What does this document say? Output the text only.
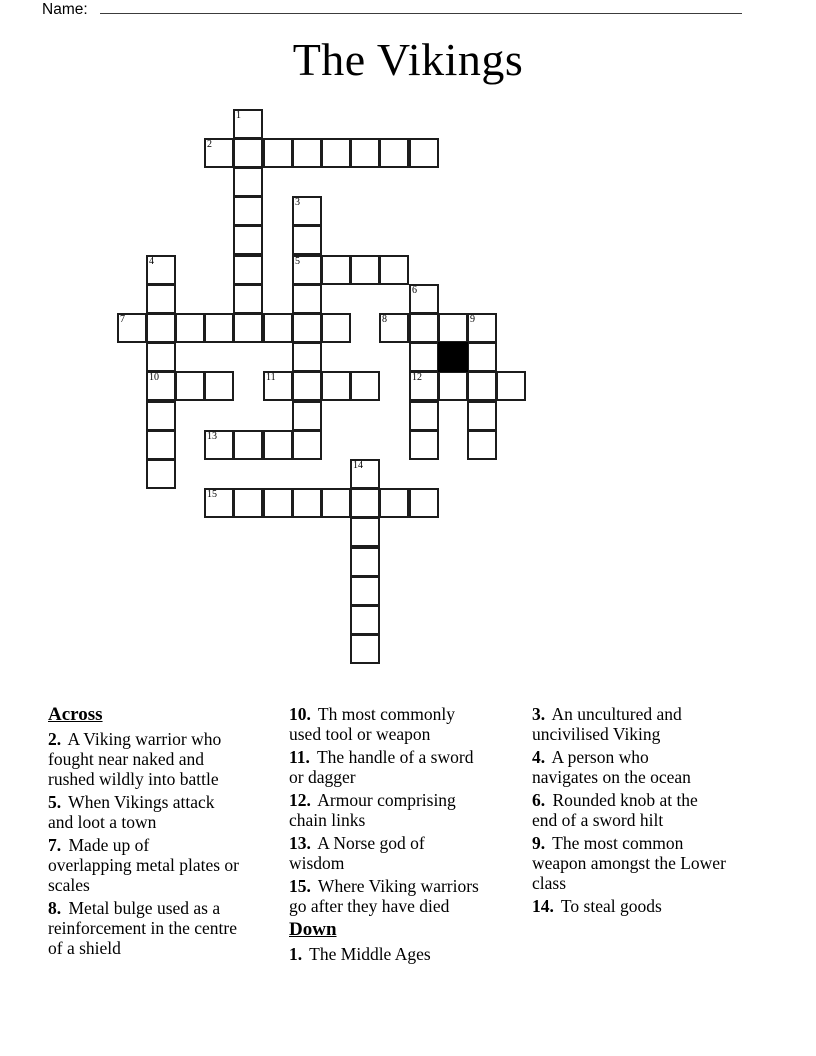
Name:
The Vikings
1
2
3
4	5
6
7	8	9
10	11	12
13
14
15

Across

2. A Viking warrior who
fought near naked and
rushed wildly into battle

5. When Vikings attack
and loot a town

7. Made up of
overlapping metal plates or
scales

8. Metal bulge used as a
reinforcement in the centre
of a shield

10. Th most commonly
used tool or weapon

11. The handle of a sword
or dagger

12. Armour comprising
chain links

13. A Norse god of
wisdom

15. Where Viking warriors
go after they have died

Down

1. The Middle Ages

3. An uncultured and
uncivilised Viking

4. A person who
navigates on the ocean

6. Rounded knob at the
end of a sword hilt

9. The most common
weapon amongst the Lower
class

14. To steal goods
